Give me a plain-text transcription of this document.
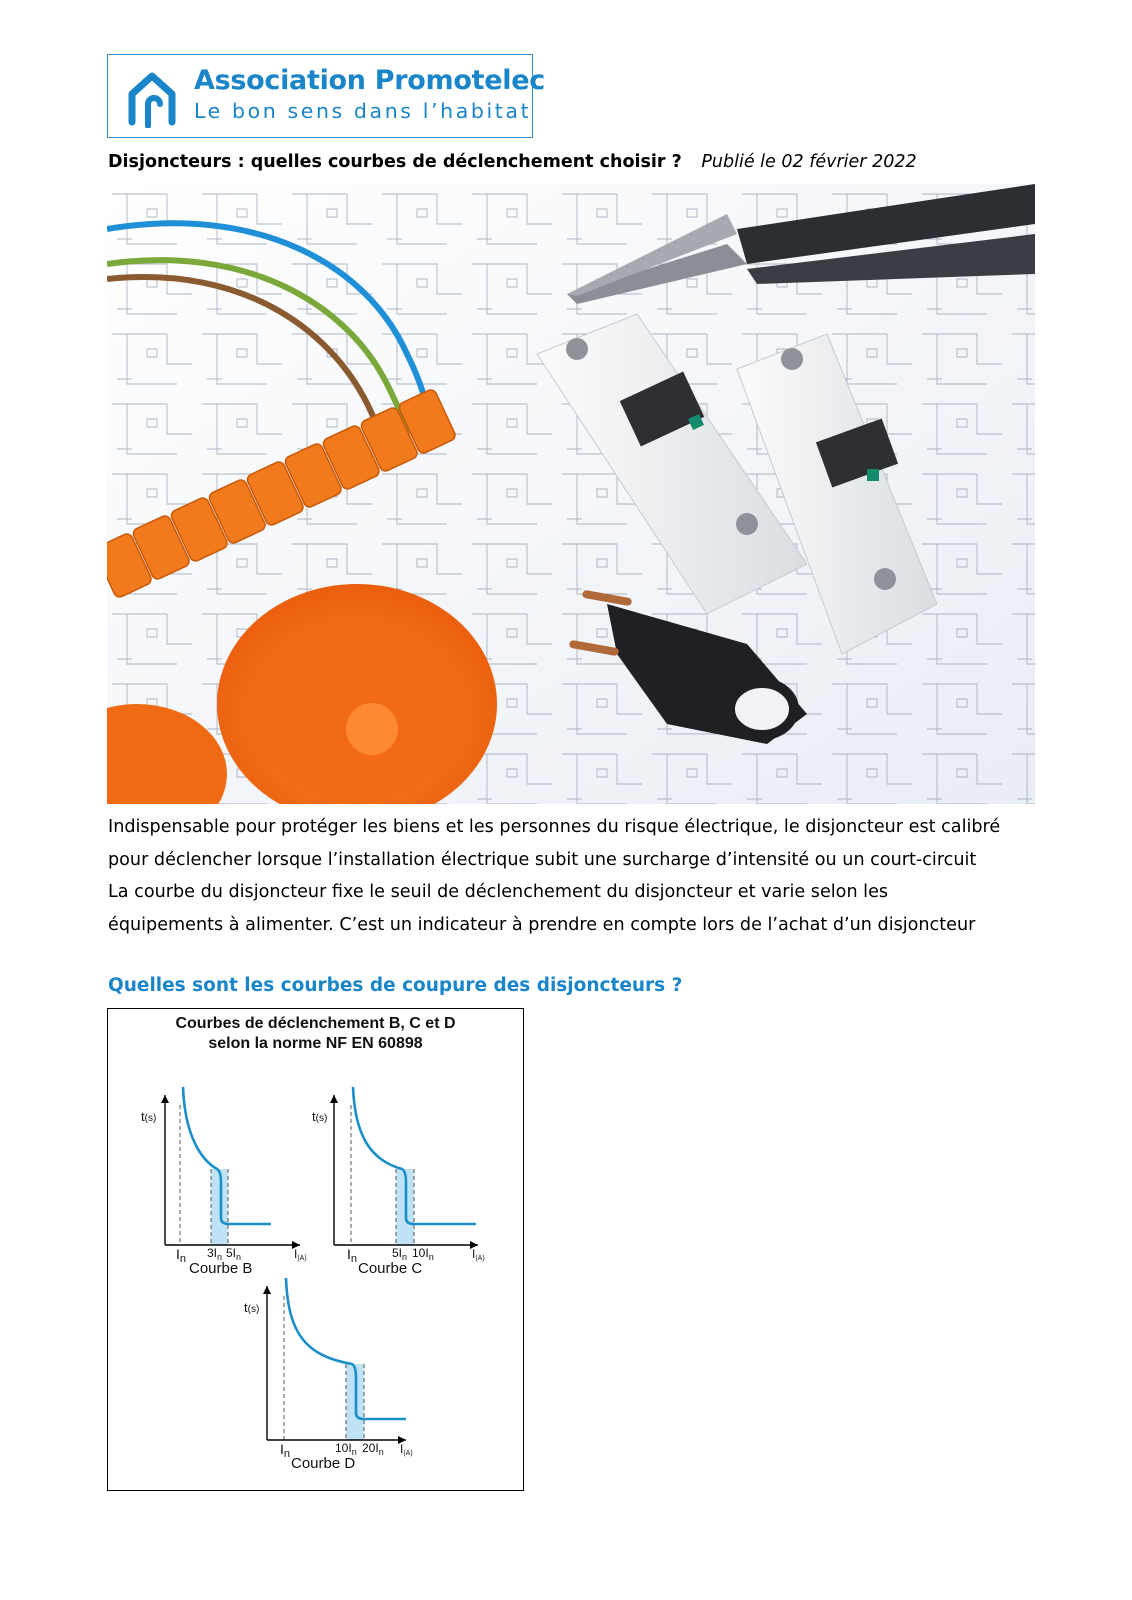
Association Promotelec
Le bon sens dans l’habitat
Disjoncteurs : quelles courbes de déclenchement choisir ? Publié le 02 février 2022

Indispensable pour protéger les biens et les personnes du risque électrique, le disjoncteur est calibré

pour déclencher lorsque l’installation électrique subit une surcharge d’intensité ou un court-circuit

La courbe du disjoncteur fixe le seuil de déclenchement du disjoncteur et varie selon les

équipements à alimenter. C’est un indicateur à prendre en compte lors de l’achat d’un disjoncteur

Quelles sont les courbes de coupure des disjoncteurs ?
Courbes de déclenchement B, C et D
selon la norme NF EN 60898
t(s)
I(A)
$I_n$ $3I_n$ $5I_n$
Courbe B
t(s)
I(A)
$I_n$	$5I_n$ $10I_n$
Courbe C
t(s)
I(A)
$I_n$	$10I_n$ $20I_n$
Courbe D
